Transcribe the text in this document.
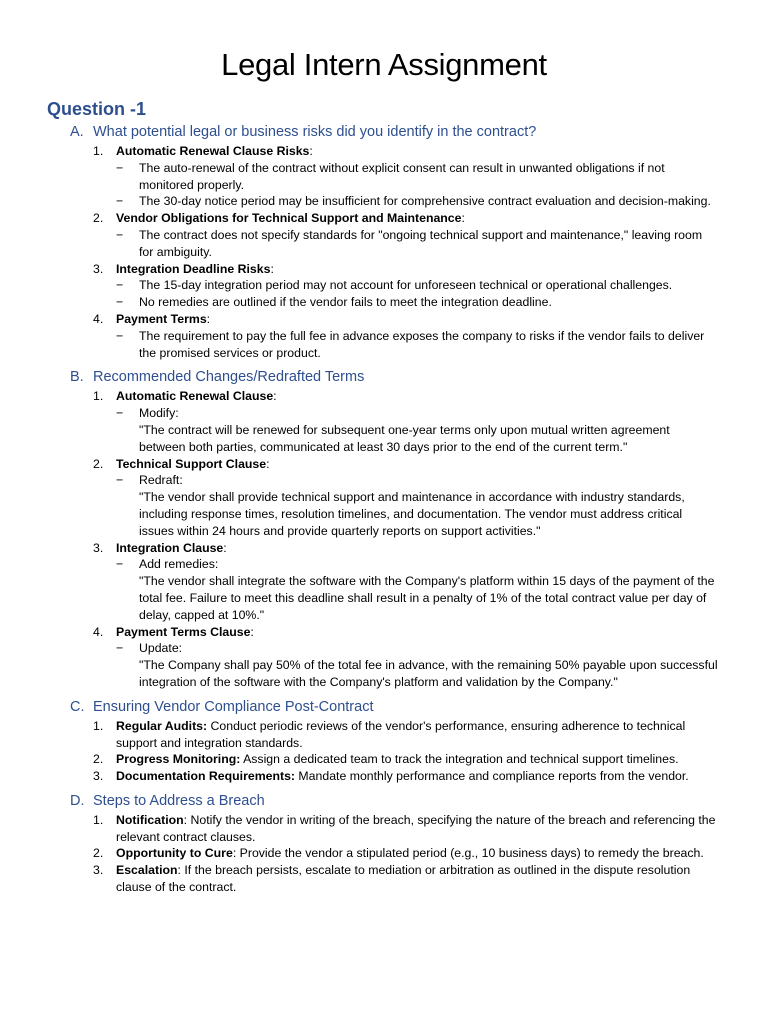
Legal Intern Assignment
Question -1
A. What potential legal or business risks did you identify in the contract?
1. Automatic Renewal Clause Risks:
− The auto-renewal of the contract without explicit consent can result in unwanted obligations if not monitored properly.
− The 30-day notice period may be insufficient for comprehensive contract evaluation and decision-making.
2. Vendor Obligations for Technical Support and Maintenance:
− The contract does not specify standards for "ongoing technical support and maintenance," leaving room for ambiguity.
3. Integration Deadline Risks:
− The 15-day integration period may not account for unforeseen technical or operational challenges.
− No remedies are outlined if the vendor fails to meet the integration deadline.
4. Payment Terms:
− The requirement to pay the full fee in advance exposes the company to risks if the vendor fails to deliver the promised services or product.
B. Recommended Changes/Redrafted Terms
1. Automatic Renewal Clause:
− Modify:
"The contract will be renewed for subsequent one-year terms only upon mutual written agreement between both parties, communicated at least 30 days prior to the end of the current term."
2. Technical Support Clause:
− Redraft:
"The vendor shall provide technical support and maintenance in accordance with industry standards, including response times, resolution timelines, and documentation. The vendor must address critical issues within 24 hours and provide quarterly reports on support activities."
3. Integration Clause:
− Add remedies:
"The vendor shall integrate the software with the Company's platform within 15 days of the payment of the total fee. Failure to meet this deadline shall result in a penalty of 1% of the total contract value per day of delay, capped at 10%."
4. Payment Terms Clause:
− Update:
"The Company shall pay 50% of the total fee in advance, with the remaining 50% payable upon successful integration of the software with the Company's platform and validation by the Company."
C. Ensuring Vendor Compliance Post-Contract
1. Regular Audits: Conduct periodic reviews of the vendor's performance, ensuring adherence to technical support and integration standards.
2. Progress Monitoring: Assign a dedicated team to track the integration and technical support timelines.
3. Documentation Requirements: Mandate monthly performance and compliance reports from the vendor.
D. Steps to Address a Breach
1. Notification: Notify the vendor in writing of the breach, specifying the nature of the breach and referencing the relevant contract clauses.
2. Opportunity to Cure: Provide the vendor a stipulated period (e.g., 10 business days) to remedy the breach.
3. Escalation: If the breach persists, escalate to mediation or arbitration as outlined in the dispute resolution clause of the contract.
